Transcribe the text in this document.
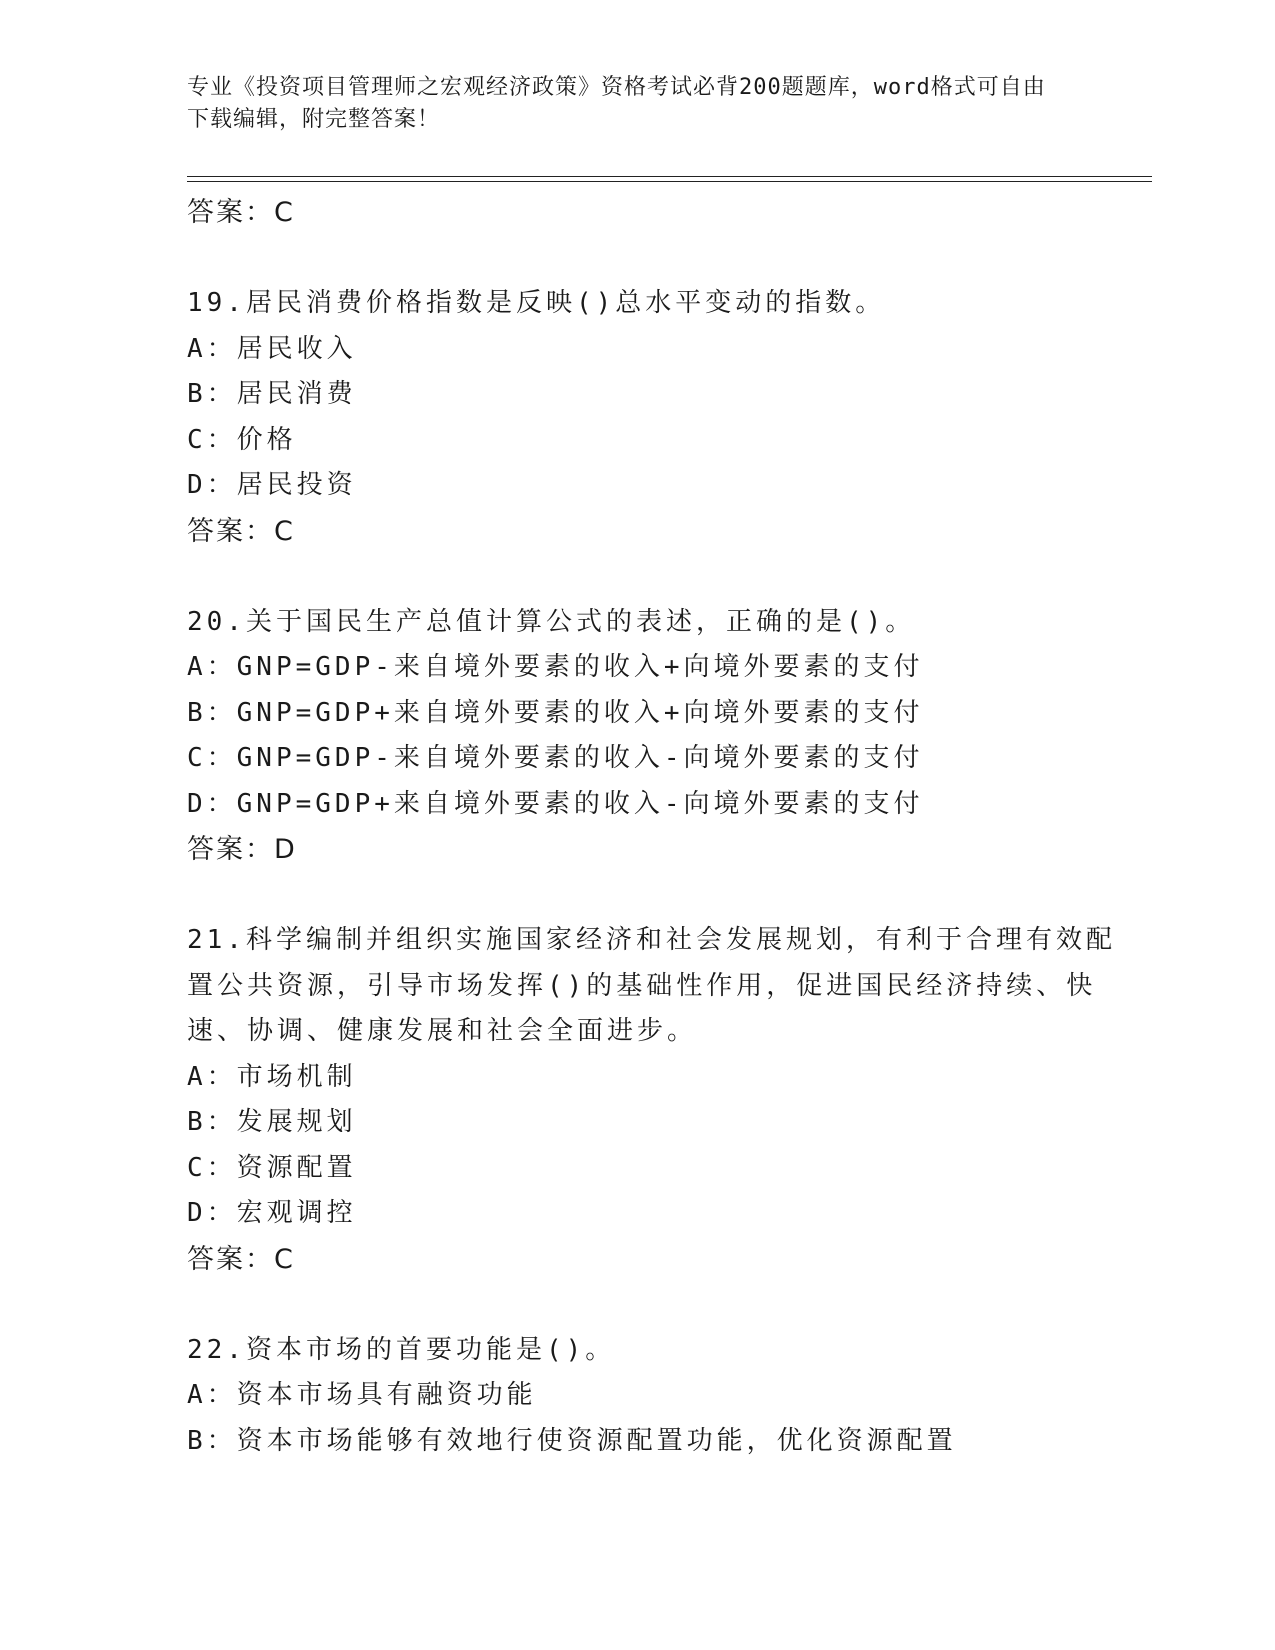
专业《投资项目管理师之宏观经济政策》资格考试必背200题题库，word格式可自由下载编辑，附完整答案！
答案：C

19.居民消费价格指数是反映()总水平变动的指数。

A：居民收入
B：居民消费
C：价格
D：居民投资
答案：C

20.关于国民生产总值计算公式的表述，正确的是()。

A：GNP=GDP-来自境外要素的收入+向境外要素的支付
B：GNP=GDP+来自境外要素的收入+向境外要素的支付
C：GNP=GDP-来自境外要素的收入-向境外要素的支付
D：GNP=GDP+来自境外要素的收入-向境外要素的支付
答案：D

21.科学编制并组织实施国家经济和社会发展规划，有利于合理有效配置公共资源，引导市场发挥()的基础性作用，促进国民经济持续、快速、协调、健康发展和社会全面进步。

A：市场机制
B：发展规划
C：资源配置
D：宏观调控
答案：C

22.资本市场的首要功能是()。

A：资本市场具有融资功能
B：资本市场能够有效地行使资源配置功能，优化资源配置
